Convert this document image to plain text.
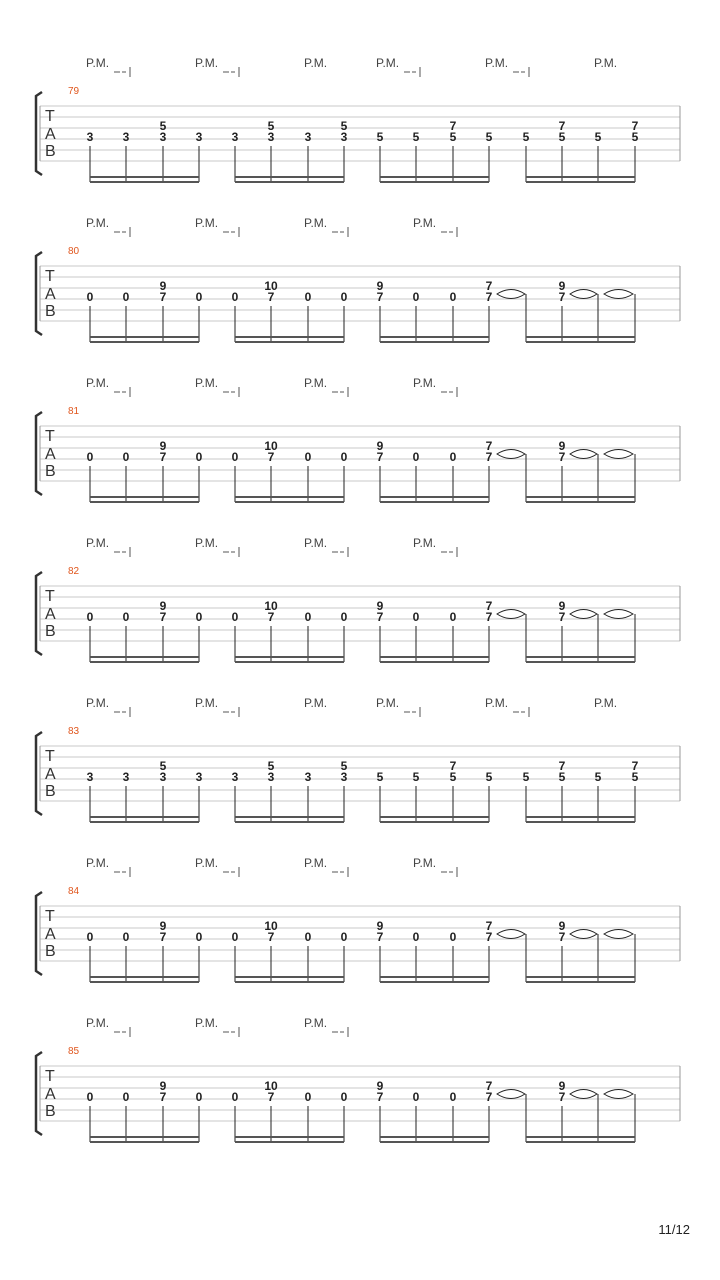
P.M.	P.M.	P.M.	P.M.	P.M.	P.M.
79
T
A
B
3 3
5
3 3 3
5
3	3
5
3 5 5
7
5 5	5
7
5 5
7
5
P.M.	P.M.	P.M.	P.M.
80
T
A
B
0 0
9
7 0 0
10
7	0 0
9
7 0	0
7
7
9
7
P.M.	P.M.	P.M.	P.M.
81
T
A
B
0 0
9
7 0 0
10
7	0 0
9
7 0	0
7
7
9
7
P.M.	P.M.	P.M.	P.M.
82
T
A
B
0 0
9
7 0 0
10
7	0 0
9
7 0	0
7
7
9
7
P.M.	P.M.	P.M.	P.M.	P.M.	P.M.
83
T
A
B
3 3
5
3 3 3
5
3	3
5
3 5 5
7
5 5	5
7
5 5
7
5
P.M.	P.M.	P.M.	P.M.
84
T
A
B
0 0
9
7 0 0
10
7	0 0
9
7 0	0
7
7
9
7
P.M.	P.M.	P.M.
85
T
A
B
0 0
9
7 0 0
10
7	0 0
9
7 0	0
7
7
9
7
11/12
